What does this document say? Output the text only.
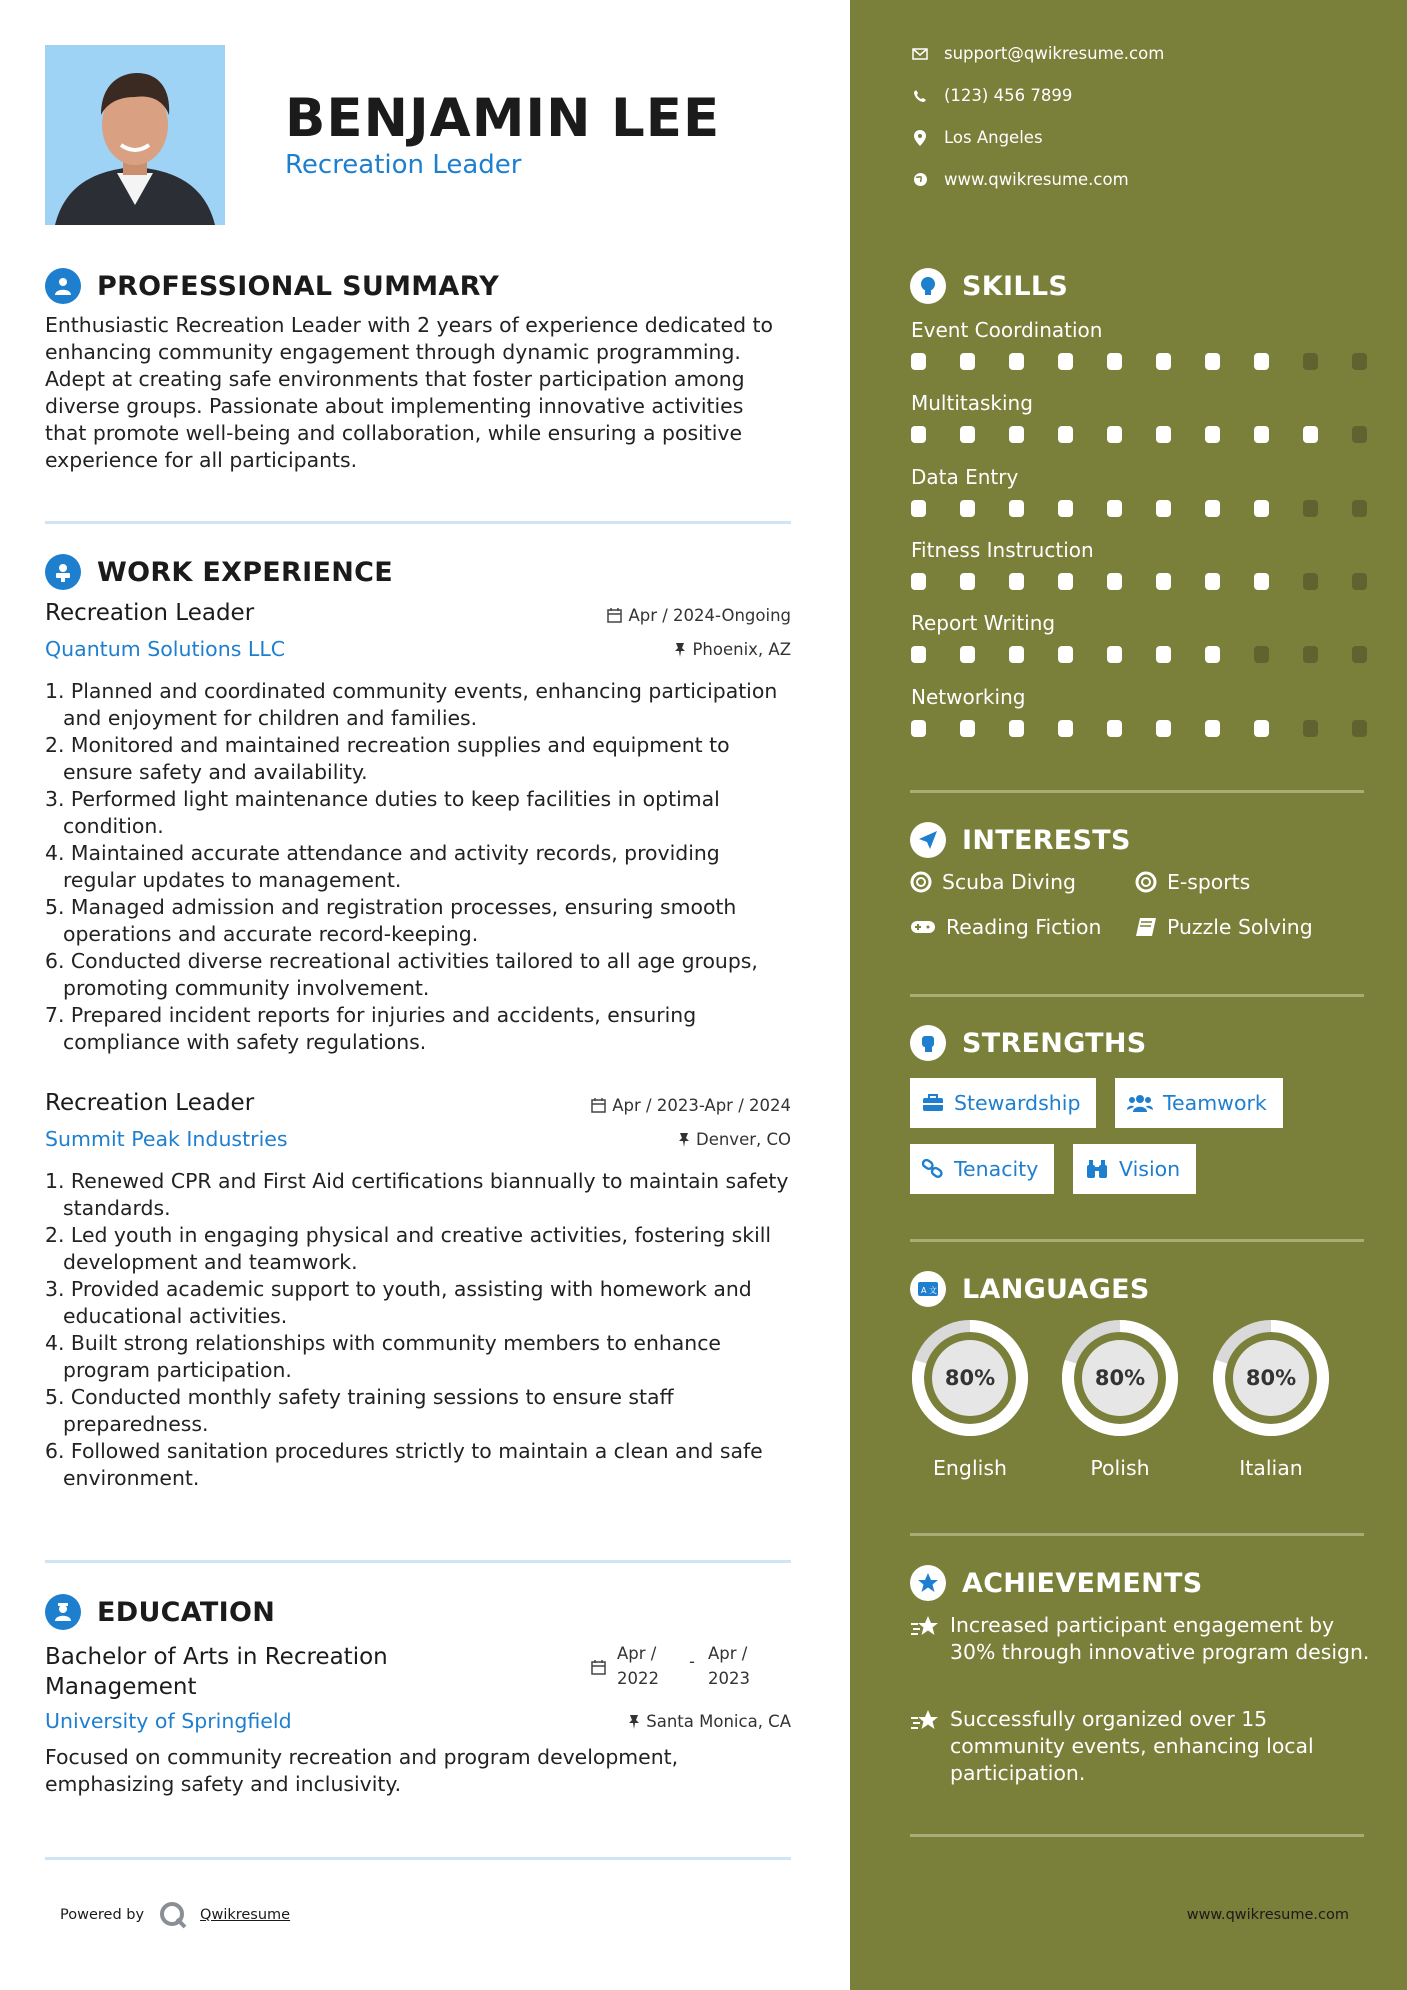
BENJAMIN LEE
Recreation Leader
PROFESSIONAL SUMMARY
Enthusiastic Recreation Leader with 2 years of experience dedicated to enhancing community engagement through dynamic programming. Adept at creating safe environments that foster participation among diverse groups. Passionate about implementing innovative activities that promote well-being and collaboration, while ensuring a positive experience for all participants.
WORK EXPERIENCE
Recreation Leader
Quantum Solutions LLC
Apr / 2024-Ongoing
Phoenix, AZ
1. Planned and coordinated community events, enhancing participation and enjoyment for children and families.
2. Monitored and maintained recreation supplies and equipment to ensure safety and availability.
3. Performed light maintenance duties to keep facilities in optimal condition.
4. Maintained accurate attendance and activity records, providing regular updates to management.
5. Managed admission and registration processes, ensuring smooth operations and accurate record-keeping.
6. Conducted diverse recreational activities tailored to all age groups, promoting community involvement.
7. Prepared incident reports for injuries and accidents, ensuring compliance with safety regulations.
Recreation Leader
Summit Peak Industries
Apr / 2023-Apr / 2024
Denver, CO
1. Renewed CPR and First Aid certifications biannually to maintain safety standards.
2. Led youth in engaging physical and creative activities, fostering skill development and teamwork.
3. Provided academic support to youth, assisting with homework and educational activities.
4. Built strong relationships with community members to enhance program participation.
5. Conducted monthly safety training sessions to ensure staff preparedness.
6. Followed sanitation procedures strictly to maintain a clean and safe environment.
EDUCATION
Bachelor of Arts in Recreation Management
University of Springfield
Apr /
2022
- Apr /
2023
Santa Monica, CA
Focused on community recreation and program development, emphasizing safety and inclusivity.
Powered by	Qwikresume
support@qwikresume.com
(123) 456 7899
Los Angeles
www.qwikresume.com
SKILLS
Event Coordination
Multitasking
Data Entry
Fitness Instruction
Report Writing
Networking
INTERESTS
Scuba Diving	E-sports
Reading Fiction	Puzzle Solving
STRENGTHS
Stewardship	Teamwork
Tenacity	Vision
A 文 LANGUAGES
80%
English
80%
Polish
80%
Italian
ACHIEVEMENTS
Increased participant engagement by 30% through innovative program design.
Successfully organized over 15 community events, enhancing local participation.
www.qwikresume.com
